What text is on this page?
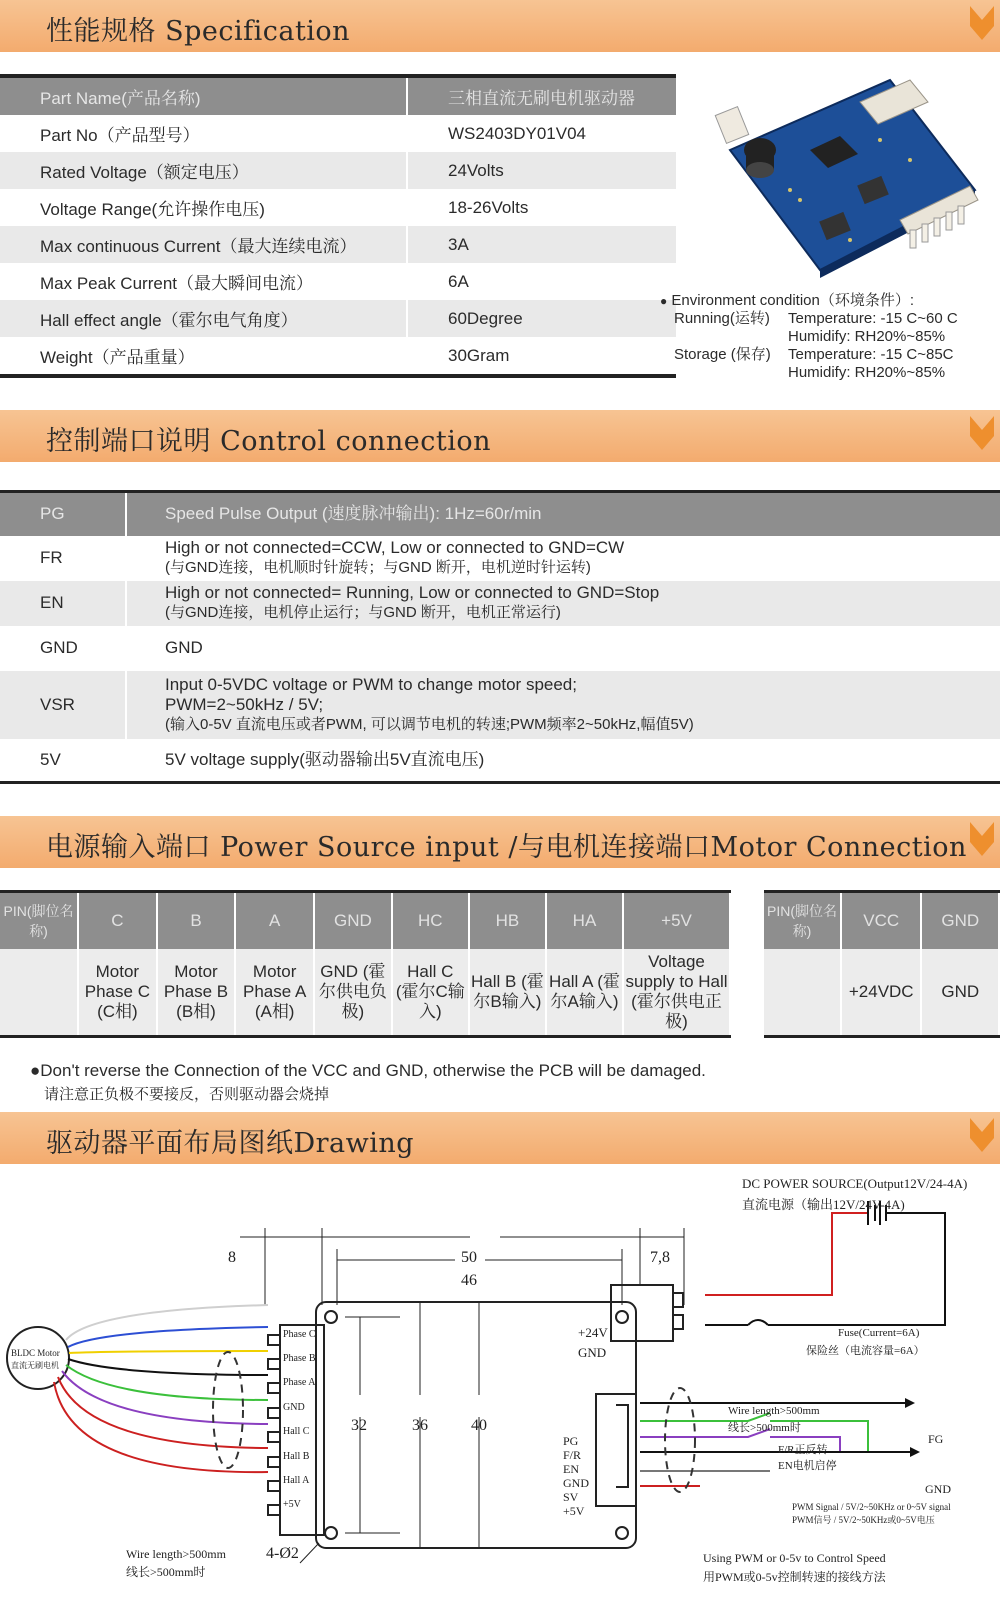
性能规格 Specification
Part Name(产品名称)	三相直流无刷电机驱动器
Part No（产品型号）	WS2403DY01V04
Rated Voltage（额定电压）	24Volts
Voltage Range(允许操作电压)	18-26Volts
Max continuous Current（最大连续电流）	3A
Max Peak Current（最大瞬间电流）	6A
Hall effect angle（霍尔电气角度）	60Degree
Weight（产品重量）	30Gram
● Environment condition（环境条件）:
Running(运转) Temperature: -15 C~60 C
Humidify: RH20%~85%
Storage (保存) Temperature: -15 C~85C
Humidify: RH20%~85%
控制端口说明 Control connection
PG	Speed Pulse Output (速度脉冲输出): 1Hz=60r/min

FR	High or not connected=CCW, Low or connected to GND=CW
(与GND连接，电机顺时针旋转；与GND 断开，电机逆时针运转)

EN	High or not connected= Running, Low or connected to GND=Stop
(与GND连接，电机停止运行；与GND 断开，电机正常运行)

GND	GND

VSR	Input 0-5VDC voltage or PWM to change motor speed;
PWM=2~50kHz / 5V;
(输入0-5V 直流电压或者PWM, 可以调节电机的转速;PWM频率2~50kHz,幅值5V)

5V	5V voltage supply(驱动器输出5V直流电压)
电源输入端口 Power Source input /与电机连接端口Motor Connection
PIN(脚位名称)	C	B	A	GND	HC	HB	HA	+5V
	Motor Phase C (C相)	Motor Phase B (B相)	Motor Phase A (A相)	GND (霍尔供电负极)	Hall C (霍尔C输入)	Hall B (霍尔B输入)	Hall A (霍尔A输入)	Voltage supply to Hall (霍尔供电正极)
PIN(脚位名称)	VCC	GND
	+24VDC	GND
●Don't reverse the Connection of the VCC and GND, otherwise the PCB will be damaged.
请注意正负极不要接反，否则驱动器会烧掉
驱动器平面布局图纸Drawing
DC POWER SOURCE(Output12V/24-4A)
直流电源（输出12V/24V-4A)
8	50
46
7,8
32	36	40
4-Ø2
BLDC Motor
直流无刷电机
Phase C
Phase B
Phase A
GND
Hall C
Hall B
Hall A
+5V
+24V
GND
PG
F/R
EN
GND
SV
+5V
Fuse(Current=6A)
保险丝（电流容量=6A）
Wire length>500mm
线长>500mm时
FG
F/R正反转
EN电机启停
GND
PWM Signal / 5V/2~50KHz or 0~5V signal
PWM信号 / 5V/2~50KHz或0~5V电压
Wire length>500mm
线长>500mm时
Using PWM or 0-5v to Control Speed
用PWM或0-5v控制转速的接线方法
